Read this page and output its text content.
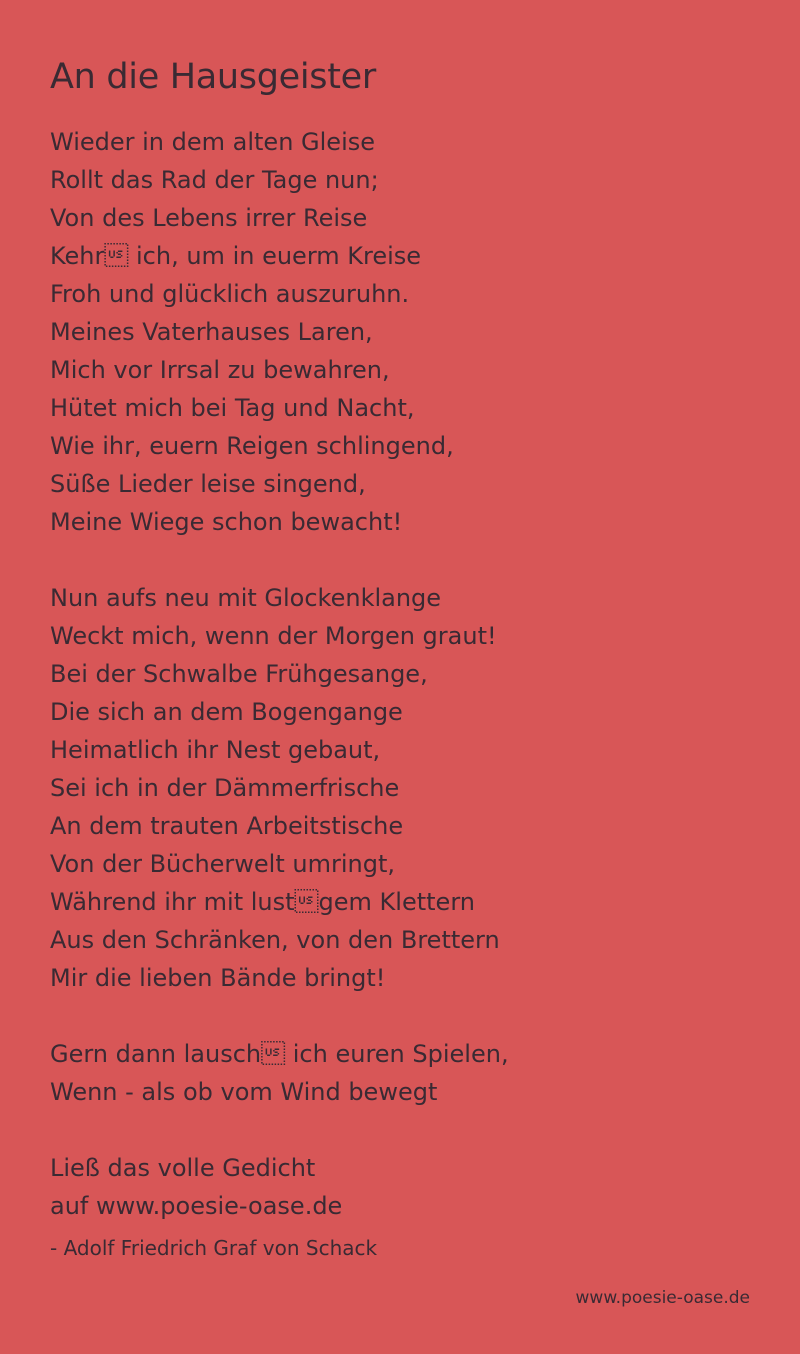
An die Hausgeister
Wieder in dem alten Gleise
Rollt das Rad der Tage nun;
Von des Lebens irrer Reise
Kehr ich, um in euerm Kreise
Froh und glücklich auszuruhn.
Meines Vaterhauses Laren,
Mich vor Irrsal zu bewahren,
Hütet mich bei Tag und Nacht,
Wie ihr, euern Reigen schlingend,
Süße Lieder leise singend,
Meine Wiege schon bewacht!
Nun aufs neu mit Glockenklange
Weckt mich, wenn der Morgen graut!
Bei der Schwalbe Frühgesange,
Die sich an dem Bogengange
Heimatlich ihr Nest gebaut,
Sei ich in der Dämmerfrische
An dem trauten Arbeitstische
Von der Bücherwelt umringt,
Während ihr mit lustgem Klettern
Aus den Schränken, von den Brettern
Mir die lieben Bände bringt!
Gern dann lausch ich euren Spielen,
Wenn - als ob vom Wind bewegt
Ließ das volle Gedicht
auf www.poesie-oase.de
- Adolf Friedrich Graf von Schack
www.poesie-oase.de
